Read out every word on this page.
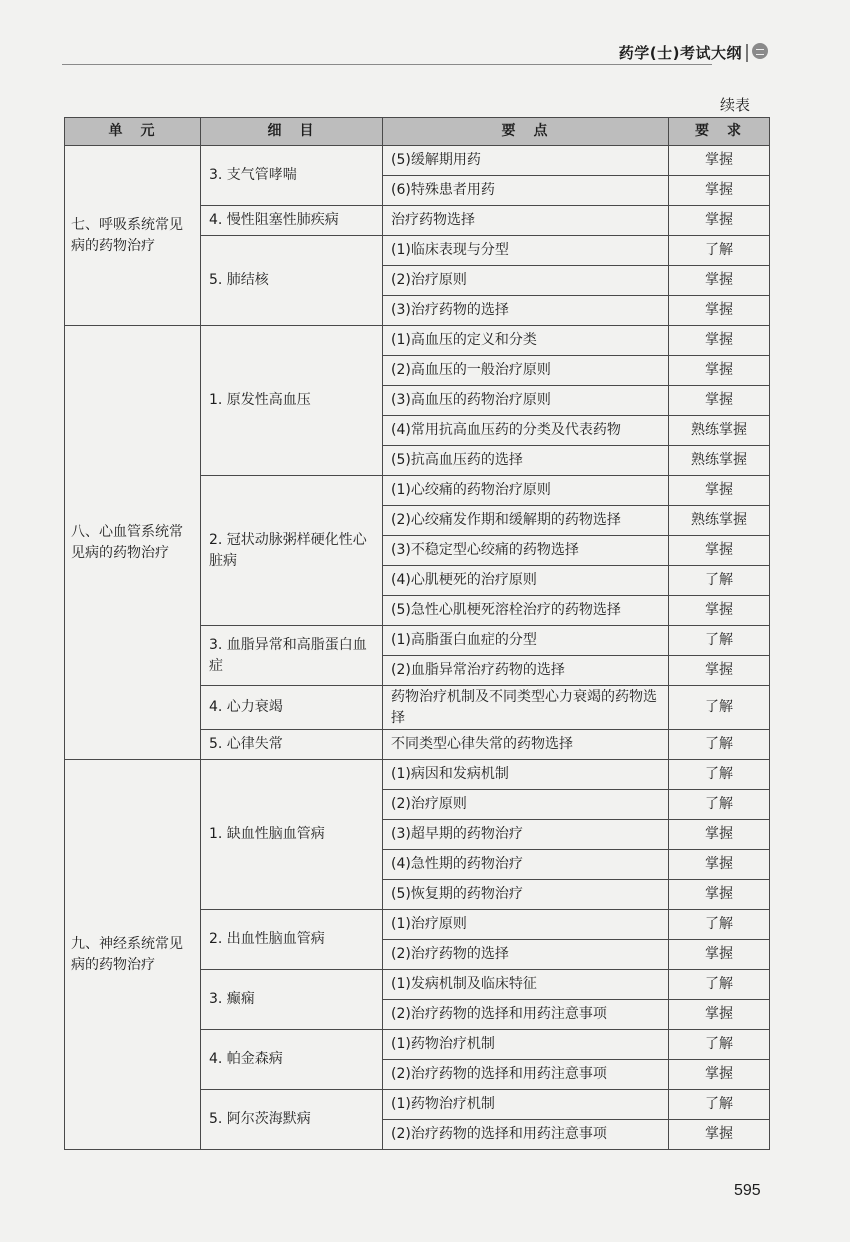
药学(士)考试大纲
续表
单　元	细　目	要　点	要　求
七、呼吸系统常见病的药物治疗	3. 支气管哮喘	(5)缓解期用药	掌握
		(6)特殊患者用药	掌握
	4. 慢性阻塞性肺疾病	治疗药物选择	掌握
	5. 肺结核	(1)临床表现与分型	了解
		(2)治疗原则	掌握
		(3)治疗药物的选择	掌握
八、心血管系统常见病的药物治疗	1. 原发性高血压	(1)高血压的定义和分类	掌握
		(2)高血压的一般治疗原则	掌握
		(3)高血压的药物治疗原则	掌握
		(4)常用抗高血压药的分类及代表药物	熟练掌握
		(5)抗高血压药的选择	熟练掌握
	2. 冠状动脉粥样硬化性心脏病	(1)心绞痛的药物治疗原则	掌握
		(2)心绞痛发作期和缓解期的药物选择	熟练掌握
		(3)不稳定型心绞痛的药物选择	掌握
		(4)心肌梗死的治疗原则	了解
		(5)急性心肌梗死溶栓治疗的药物选择	掌握
	3. 血脂异常和高脂蛋白血症	(1)高脂蛋白血症的分型	了解
		(2)血脂异常治疗药物的选择	掌握
	4. 心力衰竭	药物治疗机制及不同类型心力衰竭的药物选择	了解
	5. 心律失常	不同类型心律失常的药物选择	了解
九、神经系统常见病的药物治疗	1. 缺血性脑血管病	(1)病因和发病机制	了解
		(2)治疗原则	了解
		(3)超早期的药物治疗	掌握
		(4)急性期的药物治疗	掌握
		(5)恢复期的药物治疗	掌握
	2. 出血性脑血管病	(1)治疗原则	了解
		(2)治疗药物的选择	掌握
	3. 癫痫	(1)发病机制及临床特征	了解
		(2)治疗药物的选择和用药注意事项	掌握
	4. 帕金森病	(1)药物治疗机制	了解
		(2)治疗药物的选择和用药注意事项	掌握
	5. 阿尔茨海默病	(1)药物治疗机制	了解
		(2)治疗药物的选择和用药注意事项	掌握
595
